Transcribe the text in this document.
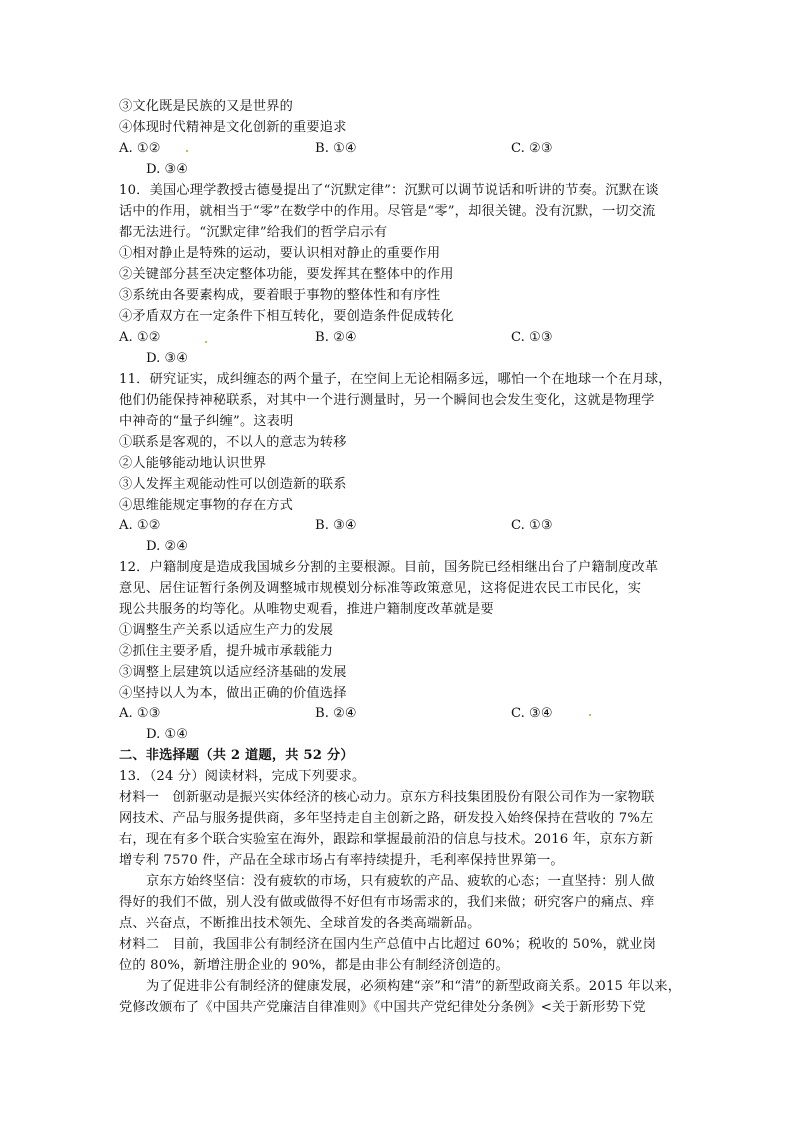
③文化既是民族的又是世界的
④体现时代精神是文化创新的重要追求
A. ①②	B. ①④	C. ②③
D. ③④
10．美国心理学教授古德曼提出了“沉默定律”：沉默可以调节说话和听讲的节奏。沉默在谈
话中的作用，就相当于“零”在数学中的作用。尽管是“零”，却很关键。没有沉默，一切交流
都无法进行。“沉默定律”给我们的哲学启示有
①相对静止是特殊的运动，要认识相对静止的重要作用
②关键部分甚至决定整体功能，要发挥其在整体中的作用
③系统由各要素构成，要着眼于事物的整体性和有序性
④矛盾双方在一定条件下相互转化，要创造条件促成转化
A. ①②	B. ②④	C. ①③
D. ③④
11．研究证实，成纠缠态的两个量子，在空间上无论相隔多远，哪怕一个在地球一个在月球，
他们仍能保持神秘联系，对其中一个进行测量时，另一个瞬间也会发生变化，这就是物理学
中神奇的“量子纠缠”。这表明
①联系是客观的，不以人的意志为转移
②人能够能动地认识世界
③人发挥主观能动性可以创造新的联系
④思维能规定事物的存在方式
A. ①②	B. ③④	C. ①③
D. ②④
12．户籍制度是造成我国城乡分割的主要根源。目前，国务院已经相继出台了户籍制度改革
意见、居住证暂行条例及调整城市规模划分标准等政策意见，这将促进农民工市民化，实
现公共服务的均等化。从唯物史观看，推进户籍制度改革就是要
①调整生产关系以适应生产力的发展
②抓住主要矛盾，提升城市承载能力
③调整上层建筑以适应经济基础的发展
④坚持以人为本，做出正确的价值选择
A. ①③	B. ②④	C. ③④
D. ①④
二、非选择题（共 2 道题，共 52 分）
13．（24 分）阅读材料，完成下列要求。
材料一　创新驱动是振兴实体经济的核心动力。京东方科技集团股份有限公司作为一家物联
网技术、产品与服务提供商，多年坚持走自主创新之路，研发投入始终保持在营收的 7%左
右，现在有多个联合实验室在海外，跟踪和掌握最前沿的信息与技术。2016 年，京东方新
增专利 7570 件，产品在全球市场占有率持续提升，毛利率保持世界第一。
京东方始终坚信：没有疲软的市场，只有疲软的产品、疲软的心态；一直坚持：别人做
得好的我们不做，别人没有做或做得不好但有市场需求的，我们来做；研究客户的痛点、痒
点、兴奋点，不断推出技术领先、全球首发的各类高端新品。
材料二　目前，我国非公有制经济在国内生产总值中占比超过 60%；税收的 50%，就业岗
位的 80%，新增注册企业的 90%，都是由非公有制经济创造的。
为了促进非公有制经济的健康发展，必须构建“亲”和“清”的新型政商关系。2015 年以来，
党修改颁布了《中国共产党廉洁自律准则》《中国共产党纪律处分条例》<关于新形势下党
